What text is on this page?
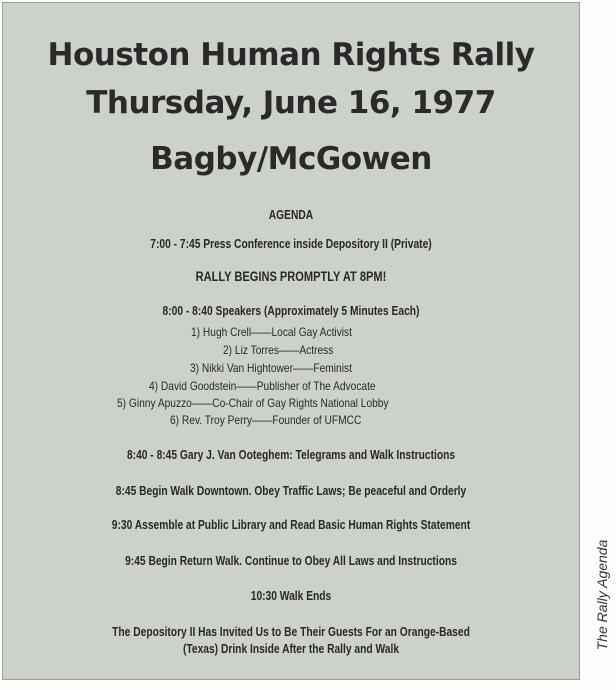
Houston Human Rights Rally
Thursday, June 16, 1977
Bagby/McGowen
AGENDA
7:00 - 7:45 Press Conference inside Depository II (Private)
RALLY BEGINS PROMPTLY AT 8PM!
8:00 - 8:40 Speakers (Approximately 5 Minutes Each)
1) Hugh Crell——Local Gay Activist
2) Liz Torres——Actress
3) Nikki Van Hightower——Feminist
4) David Goodstein——Publisher of The Advocate
5) Ginny Apuzzo——Co-Chair of Gay Rights National Lobby
6) Rev. Troy Perry——Founder of UFMCC
8:40 - 8:45 Gary J. Van Ooteghem: Telegrams and Walk Instructions
8:45 Begin Walk Downtown. Obey Traffic Laws; Be peaceful and Orderly
9:30 Assemble at Public Library and Read Basic Human Rights Statement
9:45 Begin Return Walk. Continue to Obey All Laws and Instructions
10:30 Walk Ends
The Depository II Has Invited Us to Be Their Guests For an Orange-Based
(Texas) Drink Inside After the Rally and Walk	The Rally Agenda
